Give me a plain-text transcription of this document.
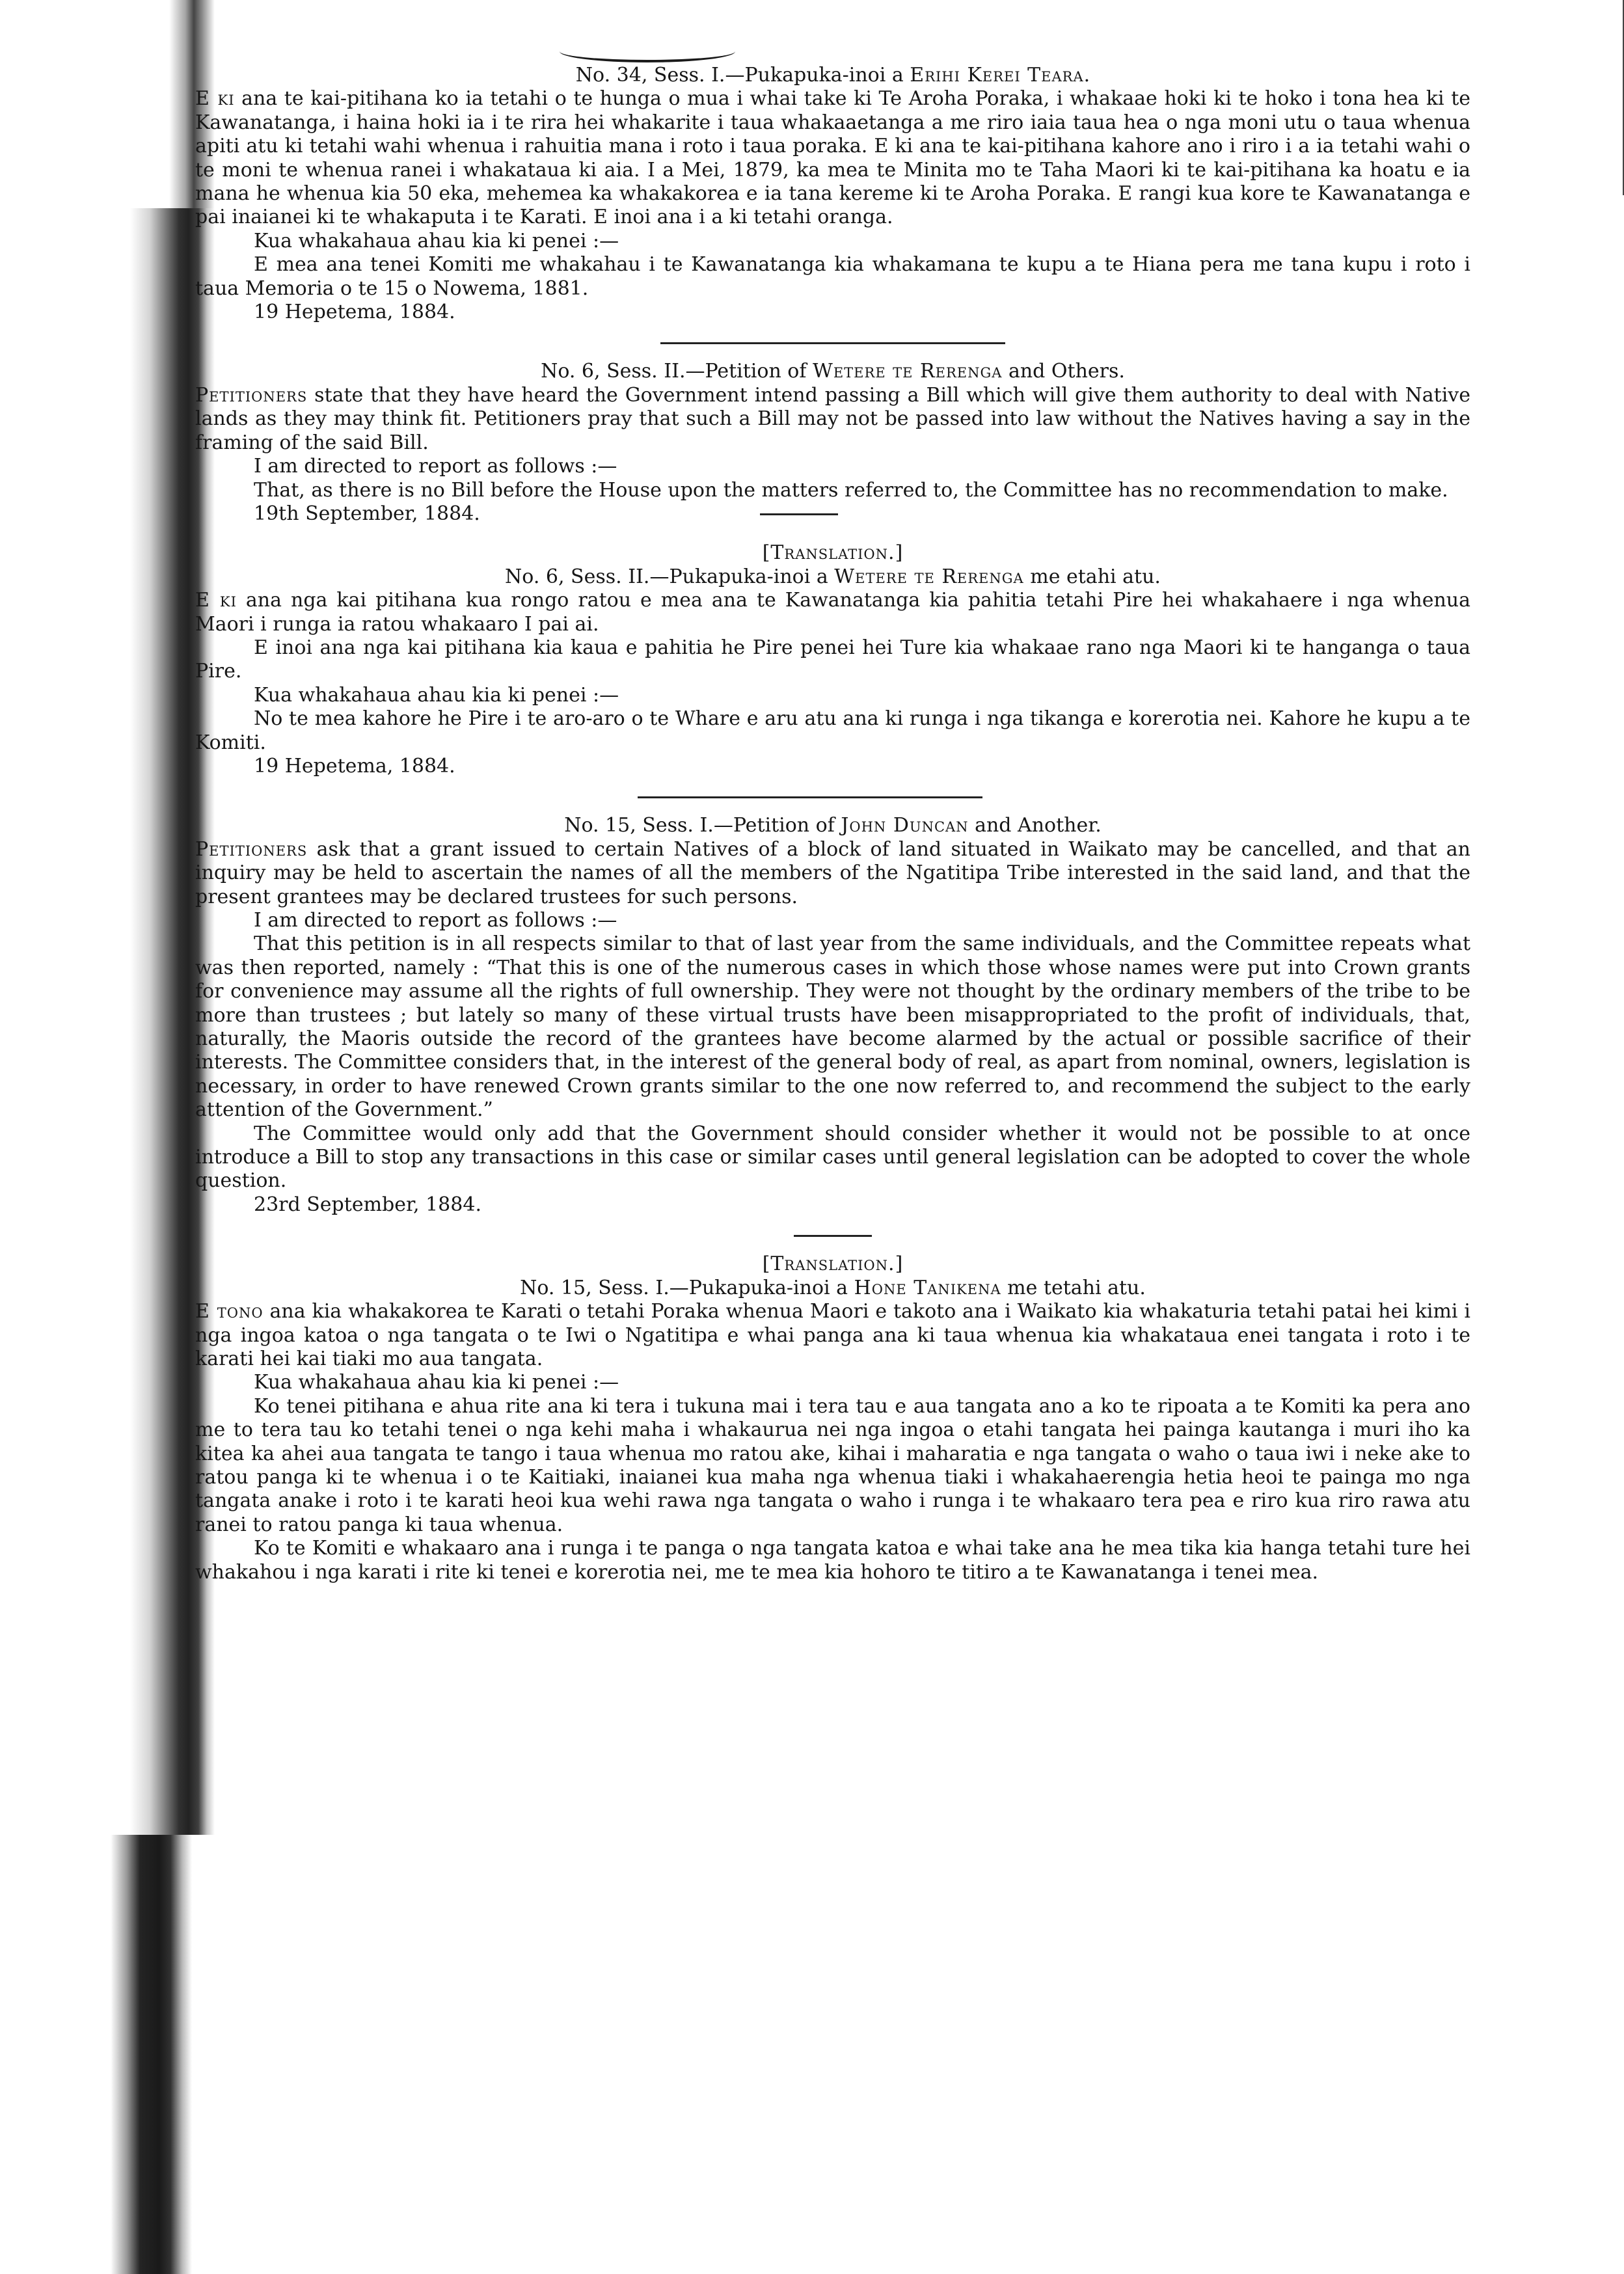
No. 34, Sess. I.—Pukapuka-inoi a Erihi Kerei Teara.

E ki ana te kai-pitihana ko ia tetahi o te hunga o mua i whai take ki Te Aroha Poraka, i whakaae hoki ki te hoko i tona hea ki te Kawanatanga, i haina hoki ia i te rira hei whakarite i taua whakaaetanga a me riro iaia taua hea o nga moni utu o taua whenua apiti atu ki tetahi wahi whenua i rahuitia mana i roto i taua poraka. E ki ana te kai-pitihana kahore ano i riro i a ia tetahi wahi o te moni te whenua ranei i whakataua ki aia. I a Mei, 1879, ka mea te Minita mo te Taha Maori ki te kai-pitihana ka hoatu e ia mana he whenua kia 50 eka, mehemea ka whakakorea e ia tana kereme ki te Aroha Poraka. E rangi kua kore te Kawanatanga e pai inaianei ki te whakaputa i te Karati. E inoi ana i a ki tetahi oranga.

Kua whakahaua ahau kia ki penei :—

E mea ana tenei Komiti me whakahau i te Kawanatanga kia whakamana te kupu a te Hiana pera me tana kupu i roto i taua Memoria o te 15 o Nowema, 1881.

19 Hepetema, 1884.

No. 6, Sess. II.—Petition of Wetere te Rerenga and Others.

Petitioners state that they have heard the Government intend passing a Bill which will give them authority to deal with Native lands as they may think fit. Petitioners pray that such a Bill may not be passed into law without the Natives having a say in the framing of the said Bill.

I am directed to report as follows :—

That, as there is no Bill before the House upon the matters referred to, the Committee has no recommendation to make.

19th September, 1884.

[Translation.]

No. 6, Sess. II.—Pukapuka-inoi a Wetere te Rerenga me etahi atu.

E ki ana nga kai pitihana kua rongo ratou e mea ana te Kawanatanga kia pahitia tetahi Pire hei whakahaere i nga whenua Maori i runga ia ratou whakaaro I pai ai.

E inoi ana nga kai pitihana kia kaua e pahitia he Pire penei hei Ture kia whakaae rano nga Maori ki te hanganga o taua Pire.

Kua whakahaua ahau kia ki penei :—

No te mea kahore he Pire i te aro-aro o te Whare e aru atu ana ki runga i nga tikanga e korerotia nei. Kahore he kupu a te Komiti.

19 Hepetema, 1884.

No. 15, Sess. I.—Petition of John Duncan and Another.

Petitioners ask that a grant issued to certain Natives of a block of land situated in Waikato may be cancelled, and that an inquiry may be held to ascertain the names of all the members of the Ngatitipa Tribe interested in the said land, and that the present grantees may be declared trustees for such persons.

I am directed to report as follows :—

That this petition is in all respects similar to that of last year from the same individuals, and the Committee repeats what was then reported, namely : “That this is one of the numerous cases in which those whose names were put into Crown grants for convenience may assume all the rights of full ownership. They were not thought by the ordinary members of the tribe to be more than trustees ; but lately so many of these virtual trusts have been misappropriated to the profit of individuals, that, naturally, the Maoris outside the record of the grantees have become alarmed by the actual or possible sacrifice of their interests. The Committee considers that, in the interest of the general body of real, as apart from nominal, owners, legislation is necessary, in order to have renewed Crown grants similar to the one now referred to, and recommend the subject to the early attention of the Government.”

The Committee would only add that the Government should consider whether it would not be possible to at once introduce a Bill to stop any transactions in this case or similar cases until general legislation can be adopted to cover the whole question.

23rd September, 1884.

[Translation.]

No. 15, Sess. I.—Pukapuka-inoi a Hone Tanikena me tetahi atu.

E tono ana kia whakakorea te Karati o tetahi Poraka whenua Maori e takoto ana i Waikato kia whakaturia tetahi patai hei kimi i nga ingoa katoa o nga tangata o te Iwi o Ngatitipa e whai panga ana ki taua whenua kia whakataua enei tangata i roto i te karati hei kai tiaki mo aua tangata.

Kua whakahaua ahau kia ki penei :—

Ko tenei pitihana e ahua rite ana ki tera i tukuna mai i tera tau e aua tangata ano a ko te ripoata a te Komiti ka pera ano me to tera tau ko tetahi tenei o nga kehi maha i whakaurua nei nga ingoa o etahi tangata hei painga kautanga i muri iho ka kitea ka ahei aua tangata te tango i taua whenua mo ratou ake, kihai i maharatia e nga tangata o waho o taua iwi i neke ake to ratou panga ki te whenua i o te Kaitiaki, inaianei kua maha nga whenua tiaki i whakahaerengia hetia heoi te painga mo nga tangata anake i roto i te karati heoi kua wehi rawa nga tangata o waho i runga i te whakaaro tera pea e riro kua riro rawa atu ranei to ratou panga ki taua whenua.

Ko te Komiti e whakaaro ana i runga i te panga o nga tangata katoa e whai take ana he mea tika kia hanga tetahi ture hei whakahou i nga karati i rite ki tenei e korerotia nei, me te mea kia hohoro te titiro a te Kawanatanga i tenei mea.
